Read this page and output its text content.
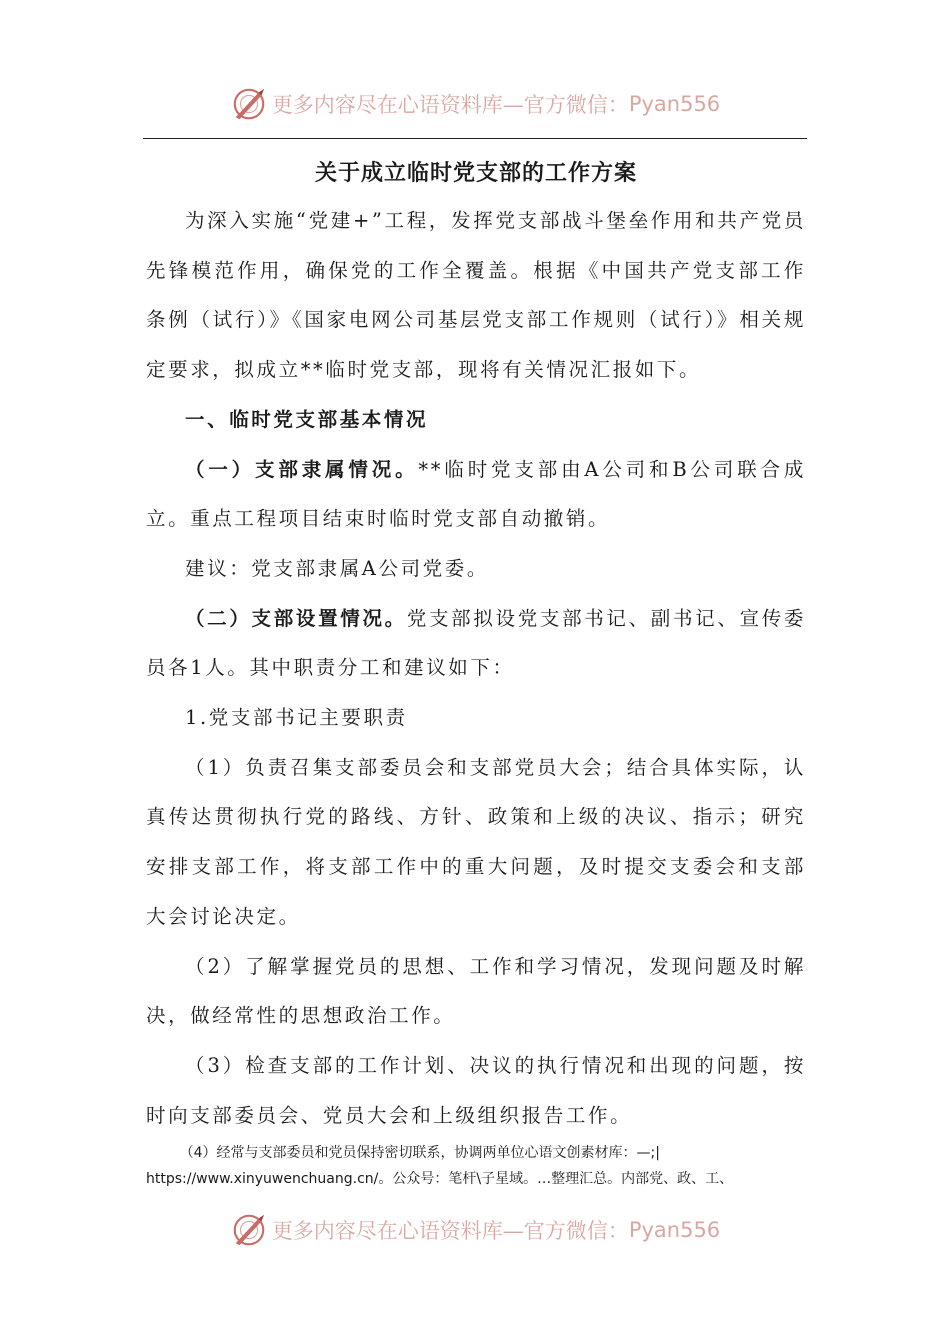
更多内容尽在心语资料库—官方微信： Pyan556
关于成立临时党支部的工作方案

为深入实施“党建+”工程，发挥党支部战斗堡垒作用和共产党员先锋模范作用，确保党的工作全覆盖。根据《中国共产党支部工作条例（试行）》《国家电网公司基层党支部工作规则（试行）》相关规定要求，拟成立**临时党支部，现将有关情况汇报如下。

一、临时党支部基本情况

（一）支部隶属情况。**临时党支部由A公司和B公司联合成立。重点工程项目结束时临时党支部自动撤销。

建议：党支部隶属A公司党委。

（二）支部设置情况。党支部拟设党支部书记、副书记、宣传委员各1人。其中职责分工和建议如下：

1.党支部书记主要职责

（1）负责召集支部委员会和支部党员大会；结合具体实际，认真传达贯彻执行党的路线、方针、政策和上级的决议、指示；研究安排支部工作，将支部工作中的重大问题，及时提交支委会和支部大会讨论决定。

（2）了解掌握党员的思想、工作和学习情况，发现问题及时解决，做经常性的思想政治工作。

（3）检查支部的工作计划、决议的执行情况和出现的问题，按时向支部委员会、党员大会和上级组织报告工作。

（4）经常与支部委员和党员保持密切联系，协调两单位心语文创素材库：—;|
https://www.xinyuwenchuang.cn/。公众号：笔杆\子星域。…整理汇总。内部党、政、工、
更多内容尽在心语资料库—官方微信： Pyan556
